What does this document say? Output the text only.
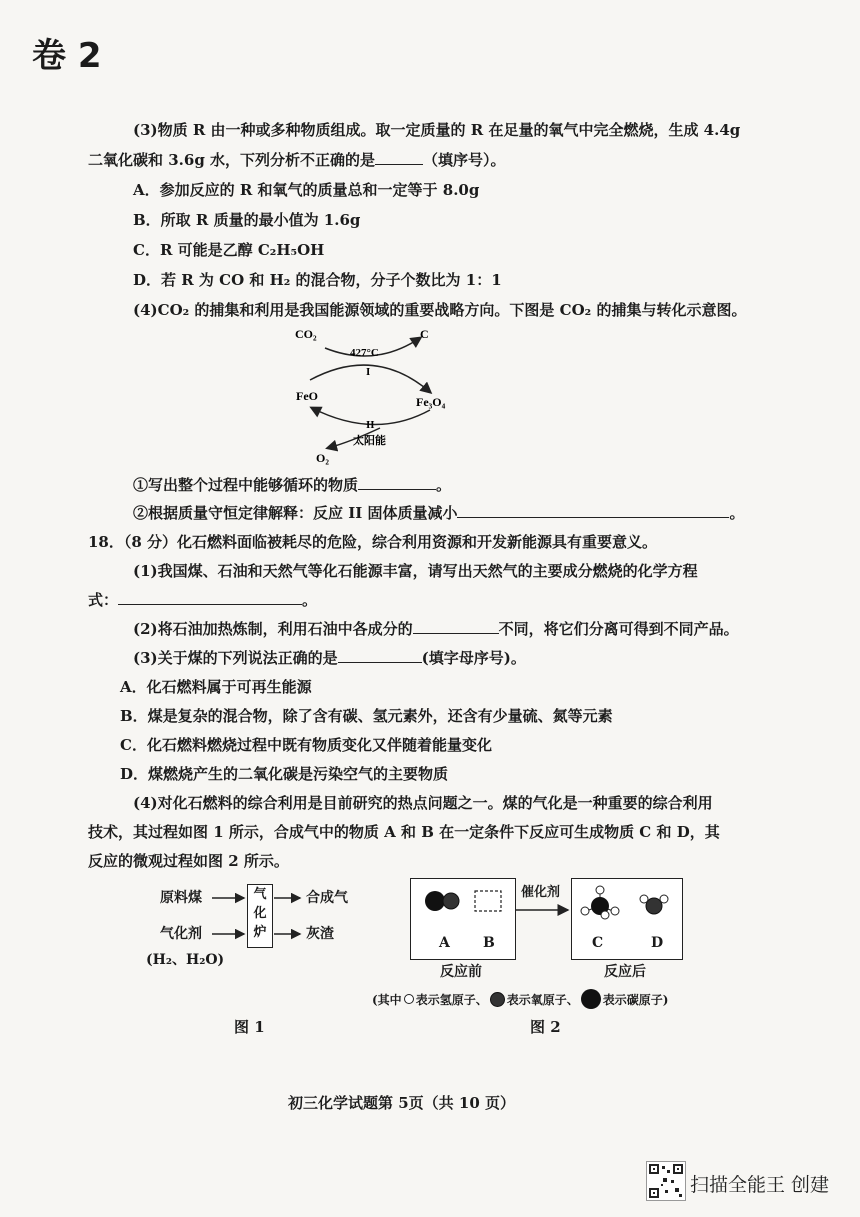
卷 2
(3)物质 R 由一种或多种物质组成。取一定质量的 R 在足量的氧气中完全燃烧，生成 4.4g
二氧化碳和 3.6g 水，下列分析不正确的是	（填序号）。
A．参加反应的 R 和氧气的质量总和一定等于 8.0g
B．所取 R 质量的最小值为 1.6g
C．R 可能是乙醇 C₂H₅OH
D．若 R 为 CO 和 H₂ 的混合物，分子个数比为 1：1
(4)CO₂ 的捕集和利用是我国能源领域的重要战略方向。下图是 CO₂ 的捕集与转化示意图。
CO₂	C
427°C
I
FeO	Fe₃O₄
II
太阳能
O₂
①写出整个过程中能够循环的物质	。
②根据质量守恒定律解释：反应 II 固体质量减小	。
18．（8 分）化石燃料面临被耗尽的危险，综合利用资源和开发新能源具有重要意义。
(1)我国煤、石油和天然气等化石能源丰富，请写出天然气的主要成分燃烧的化学方程
式：	。
(2)将石油加热炼制，利用石油中各成分的	不同，将它们分离可得到不同产品。
(3)关于煤的下列说法正确的是	(填字母序号)。
A．化石燃料属于可再生能源
B．煤是复杂的混合物，除了含有碳、氢元素外，还含有少量硫、氮等元素
C．化石燃料燃烧过程中既有物质变化又伴随着能量变化
D．煤燃烧产生的二氧化碳是污染空气的主要物质
(4)对化石燃料的综合利用是目前研究的热点问题之一。煤的气化是一种重要的综合利用
技术，其过程如图 1 所示，合成气中的物质 A 和 B 在一定条件下反应可生成物质 C 和 D，其
反应的微观过程如图 2 所示。
原料煤
气化剂
(H₂、H₂O)
气
化
炉
合成气
灰渣
图 1
A B
催化剂
C	D
反应前	反应后
(其中 表示氢原子、 表示氧原子、 表示碳原子)
图 2
初三化学试题第 5页（共 10 页）
扫描全能王 创建
